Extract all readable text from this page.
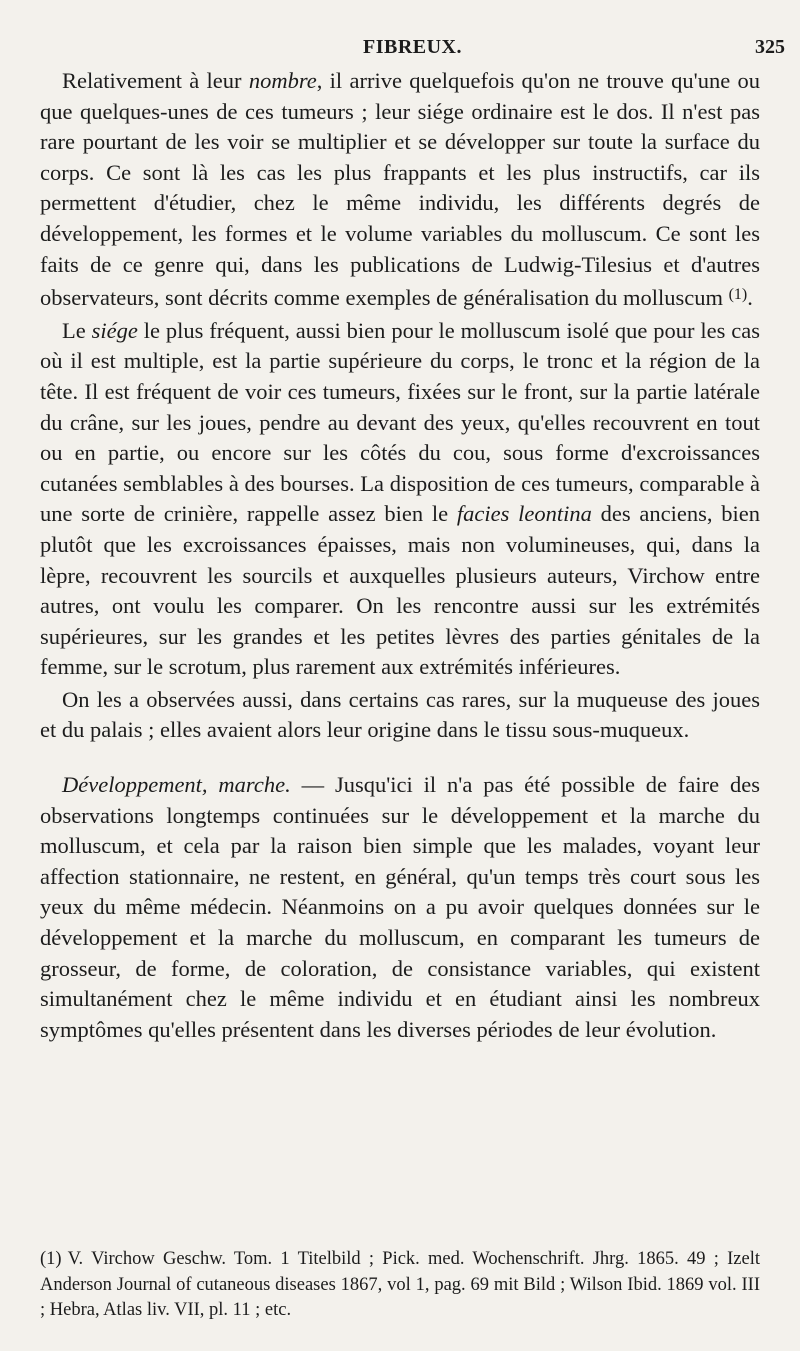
FIBREUX.	325

Relativement à leur nombre, il arrive quelquefois qu'on ne trouve qu'une ou que quelques-unes de ces tumeurs ; leur siége ordinaire est le dos. Il n'est pas rare pourtant de les voir se multiplier et se développer sur toute la surface du corps. Ce sont là les cas les plus frappants et les plus instructifs, car ils permettent d'étudier, chez le même individu, les différents degrés de développement, les formes et le volume variables du molluscum. Ce sont les faits de ce genre qui, dans les publications de Ludwig-Tilesius et d'autres observateurs, sont décrits comme exemples de généralisation du molluscum $^{(1)}$.

Le siége le plus fréquent, aussi bien pour le molluscum isolé que pour les cas où il est multiple, est la partie supérieure du corps, le tronc et la région de la tête. Il est fréquent de voir ces tumeurs, fixées sur le front, sur la partie latérale du crâne, sur les joues, pendre au devant des yeux, qu'elles recouvrent en tout ou en partie, ou encore sur les côtés du cou, sous forme d'excroissances cutanées semblables à des bourses. La disposition de ces tumeurs, comparable à une sorte de crinière, rappelle assez bien le facies leontina des anciens, bien plutôt que les excroissances épaisses, mais non volumineuses, qui, dans la lèpre, recouvrent les sourcils et auxquelles plusieurs auteurs, Virchow entre autres, ont voulu les comparer. On les rencontre aussi sur les extrémités supérieures, sur les grandes et les petites lèvres des parties génitales de la femme, sur le scrotum, plus rarement aux extrémités inférieures.

On les a observées aussi, dans certains cas rares, sur la muqueuse des joues et du palais ; elles avaient alors leur origine dans le tissu sous-muqueux.

Développement, marche. — Jusqu'ici il n'a pas été possible de faire des observations longtemps continuées sur le développement et la marche du molluscum, et cela par la raison bien simple que les malades, voyant leur affection stationnaire, ne restent, en général, qu'un temps très court sous les yeux du même médecin. Néanmoins on a pu avoir quelques données sur le développement et la marche du molluscum, en comparant les tumeurs de grosseur, de forme, de coloration, de consistance variables, qui existent simultanément chez le même individu et en étudiant ainsi les nombreux symptômes qu'elles présentent dans les diverses périodes de leur évolution.

(1) V. Virchow Geschw. Tom. 1 Titelbild ; Pick. med. Wochenschrift. Jhrg. 1865. 49 ; Izelt Anderson Journal of cutaneous diseases 1867, vol 1, pag. 69 mit Bild ; Wilson Ibid. 1869 vol. III ; Hebra, Atlas liv. VII, pl. 11 ; etc.
